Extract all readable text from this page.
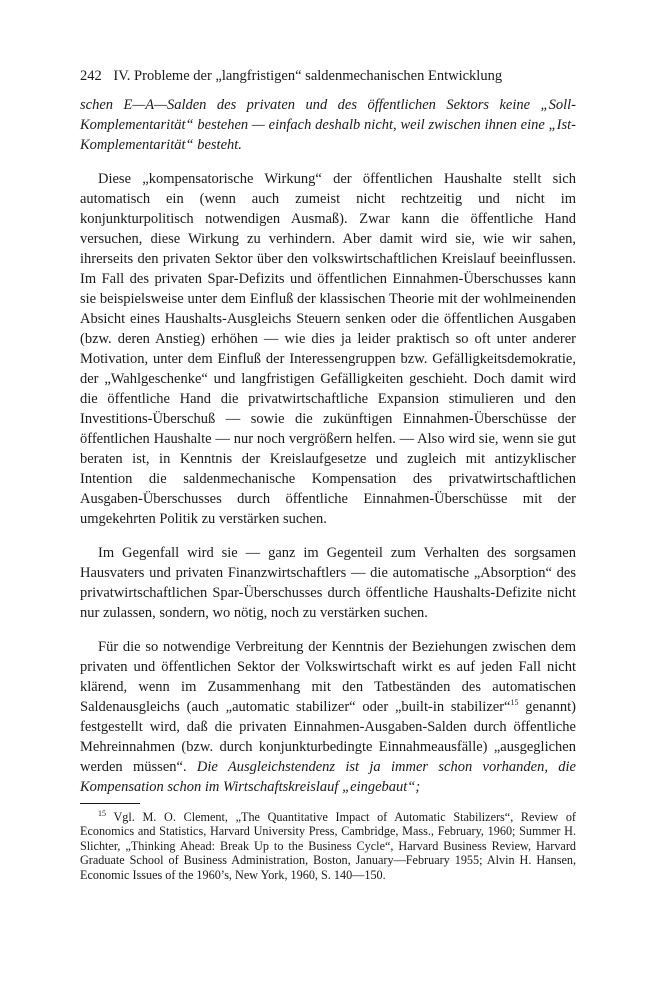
242 IV. Probleme der „langfristigen“ saldenmechanischen Entwicklung

schen E—A—Salden des privaten und des öffentlichen Sektors keine „Soll-Komplementarität“ bestehen — einfach deshalb nicht, weil zwischen ihnen eine „Ist-Komplementarität“ besteht.

Diese „kompensatorische Wirkung“ der öffentlichen Haushalte stellt sich automatisch ein (wenn auch zumeist nicht rechtzeitig und nicht im konjunkturpolitisch notwendigen Ausmaß). Zwar kann die öffentliche Hand versuchen, diese Wirkung zu verhindern. Aber damit wird sie, wie wir sahen, ihrerseits den privaten Sektor über den volkswirtschaftlichen Kreislauf beeinflussen. Im Fall des privaten Spar-Defizits und öffentlichen Einnahmen-Überschusses kann sie beispielsweise unter dem Einfluß der klassischen Theorie mit der wohlmeinenden Absicht eines Haushalts-Ausgleichs Steuern senken oder die öffentlichen Ausgaben (bzw. deren Anstieg) erhöhen — wie dies ja leider praktisch so oft unter anderer Motivation, unter dem Einfluß der Interessengruppen bzw. Gefälligkeitsdemokratie, der „Wahlgeschenke“ und langfristigen Gefälligkeiten geschieht. Doch damit wird die öffentliche Hand die privatwirtschaftliche Expansion stimulieren und den Investitions-Überschuß — sowie die zukünftigen Einnahmen-Überschüsse der öffentlichen Haushalte — nur noch vergrößern helfen. — Also wird sie, wenn sie gut beraten ist, in Kenntnis der Kreislaufgesetze und zugleich mit antizyklischer Intention die saldenmechanische Kompensation des privatwirtschaftlichen Ausgaben-Überschusses durch öffentliche Einnahmen-Überschüsse mit der umgekehrten Politik zu verstärken suchen.

Im Gegenfall wird sie — ganz im Gegenteil zum Verhalten des sorgsamen Hausvaters und privaten Finanzwirtschaftlers — die automatische „Absorption“ des privatwirtschaftlichen Spar-Überschusses durch öffentliche Haushalts-Defizite nicht nur zulassen, sondern, wo nötig, noch zu verstärken suchen.

Für die so notwendige Verbreitung der Kenntnis der Beziehungen zwischen dem privaten und öffentlichen Sektor der Volkswirtschaft wirkt es auf jeden Fall nicht klärend, wenn im Zusammenhang mit den Tatbeständen des automatischen Saldenausgleichs (auch „automatic stabilizer“ oder „built-in stabilizer“$^{15}$ genannt) festgestellt wird, daß die privaten Einnahmen-Ausgaben-Salden durch öffentliche Mehreinnahmen (bzw. durch konjunkturbedingte Einnahmeausfälle) „ausgeglichen werden müssen“. Die Ausgleichstendenz ist ja immer schon vorhanden, die Kompensation schon im Wirtschaftskreislauf „eingebaut“;

$^{15}$ Vgl. M. O. Clement, „The Quantitative Impact of Automatic Stabilizers“, Review of Economics and Statistics, Harvard University Press, Cambridge, Mass., February, 1960; Summer H. Slichter, „Thinking Ahead: Break Up to the Business Cycle“, Harvard Business Review, Harvard Graduate School of Business Administration, Boston, January—February 1955; Alvin H. Hansen, Economic Issues of the 1960’s, New York, 1960, S. 140—150.
